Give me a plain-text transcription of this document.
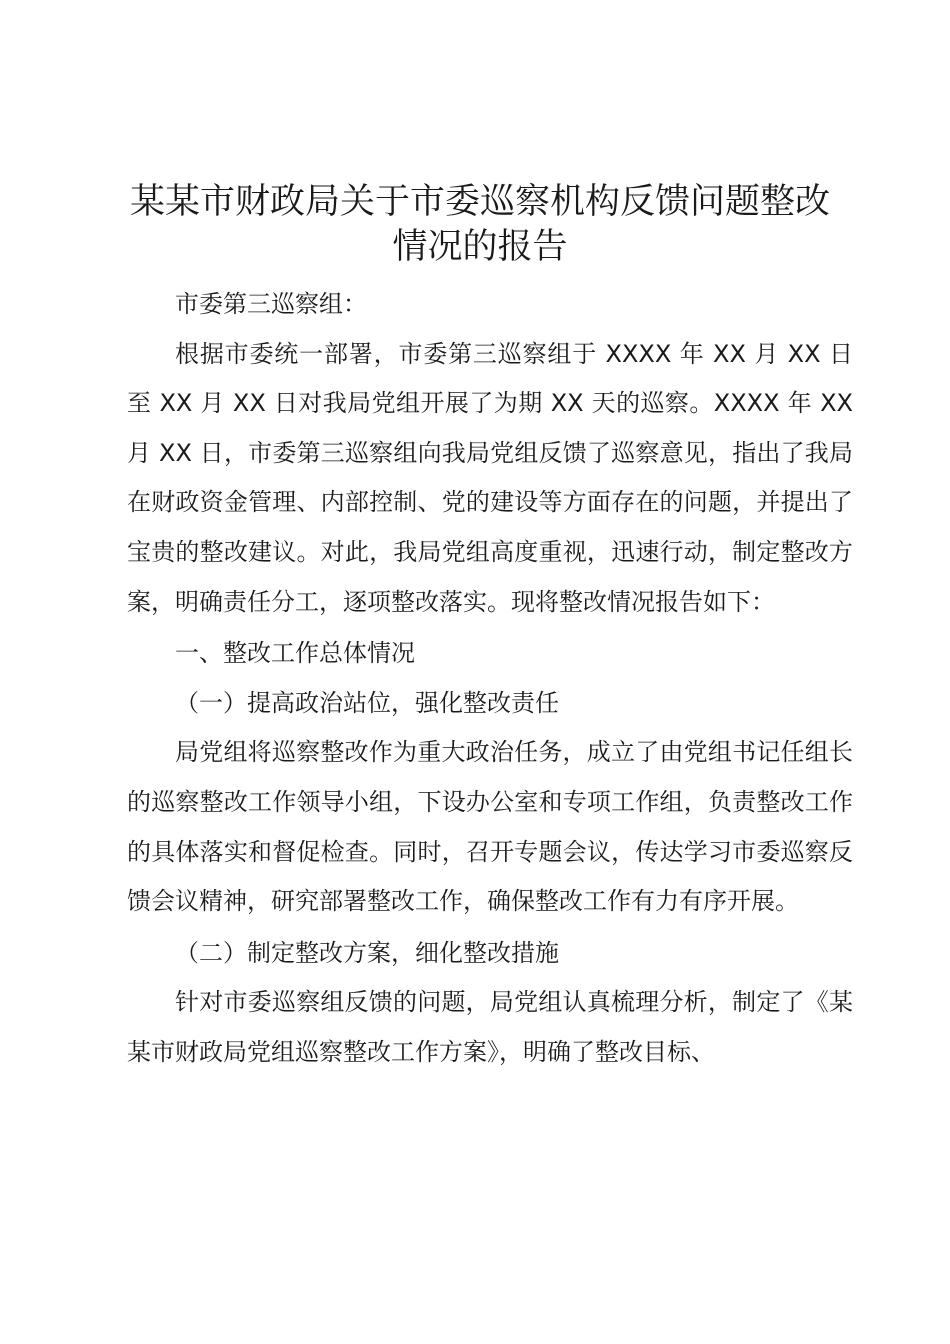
某某市财政局关于市委巡察机构反馈问题整改情况的报告

市委第三巡察组：

根据市委统一部署，市委第三巡察组于 XXXX 年 XX 月 XX 日至 XX 月 XX 日对我局党组开展了为期 XX 天的巡察。XXXX 年 XX 月 XX 日，市委第三巡察组向我局党组反馈了巡察意见，指出了我局在财政资金管理、内部控制、党的建设等方面存在的问题，并提出了宝贵的整改建议。对此，我局党组高度重视，迅速行动，制定整改方案，明确责任分工，逐项整改落实。现将整改情况报告如下：

一、整改工作总体情况

（一）提高政治站位，强化整改责任

局党组将巡察整改作为重大政治任务，成立了由党组书记任组长的巡察整改工作领导小组，下设办公室和专项工作组，负责整改工作的具体落实和督促检查。同时，召开专题会议，传达学习市委巡察反馈会议精神，研究部署整改工作，确保整改工作有力有序开展。

（二）制定整改方案，细化整改措施

针对市委巡察组反馈的问题，局党组认真梳理分析，制定了《某某市财政局党组巡察整改工作方案》，明确了整改目标、
